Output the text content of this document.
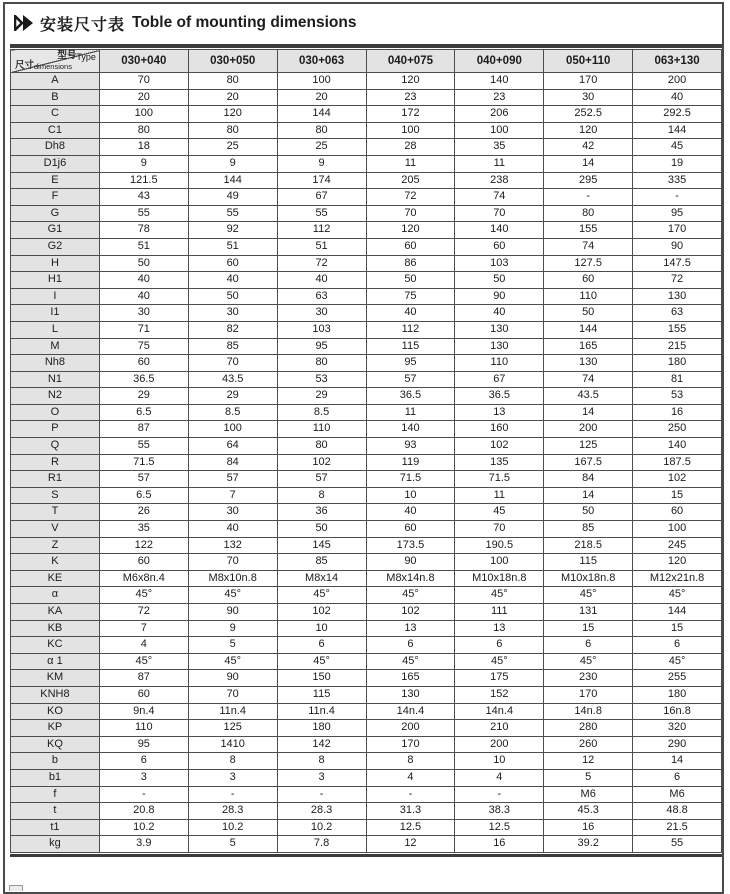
安装尺寸表 Toble of mounting dimensions
型号Type
尺寸dimensions	030+040	030+050	030+063	040+075	040+090	050+110	063+130
A	70	80	100	120	140	170	200
B	20	20	20	23	23	30	40
C	100	120	144	172	206	252.5	292.5
C1	80	80	80	100	100	120	144
Dh8	18	25	25	28	35	42	45
D1j6	9	9	9	11	11	14	19
E	121.5	144	174	205	238	295	335
F	43	49	67	72	74	-	-
G	55	55	55	70	70	80	95
G1	78	92	112	120	140	155	170
G2	51	51	51	60	60	74	90
H	50	60	72	86	103	127.5	147.5
H1	40	40	40	50	50	60	72
I	40	50	63	75	90	110	130
I1	30	30	30	40	40	50	63
L	71	82	103	112	130	144	155
M	75	85	95	115	130	165	215
Nh8	60	70	80	95	110	130	180
N1	36.5	43.5	53	57	67	74	81
N2	29	29	29	36.5	36.5	43.5	53
O	6.5	8.5	8.5	11	13	14	16
P	87	100	110	140	160	200	250
Q	55	64	80	93	102	125	140
R	71.5	84	102	119	135	167.5	187.5
R1	57	57	57	71.5	71.5	84	102
S	6.5	7	8	10	11	14	15
T	26	30	36	40	45	50	60
V	35	40	50	60	70	85	100
Z	122	132	145	173.5	190.5	218.5	245
K	60	70	85	90	100	115	120
KE	M6x8n.4	M8x10n.8	M8x14	M8x14n.8	M10x18n.8	M10x18n.8	M12x21n.8
α	45°	45°	45°	45°	45°	45°	45°
KA	72	90	102	102	111	131	144
KB	7	9	10	13	13	15	15
KC	4	5	6	6	6	6	6
α 1	45°	45°	45°	45°	45°	45°	45°
KM	87	90	150	165	175	230	255
KNH8	60	70	115	130	152	170	180
KO	9n.4	11n.4	11n.4	14n.4	14n.4	14n.8	16n.8
KP	110	125	180	200	210	280	320
KQ	95	1410	142	170	200	260	290
b	6	8	8	8	10	12	14
b1	3	3	3	4	4	5	6
f	-	-	-	-	-	M6	M6
t	20.8	28.3	28.3	31.3	38.3	45.3	48.8
t1	10.2	10.2	10.2	12.5	12.5	16	21.5
kg	3.9	5	7.8	12	16	39.2	55
